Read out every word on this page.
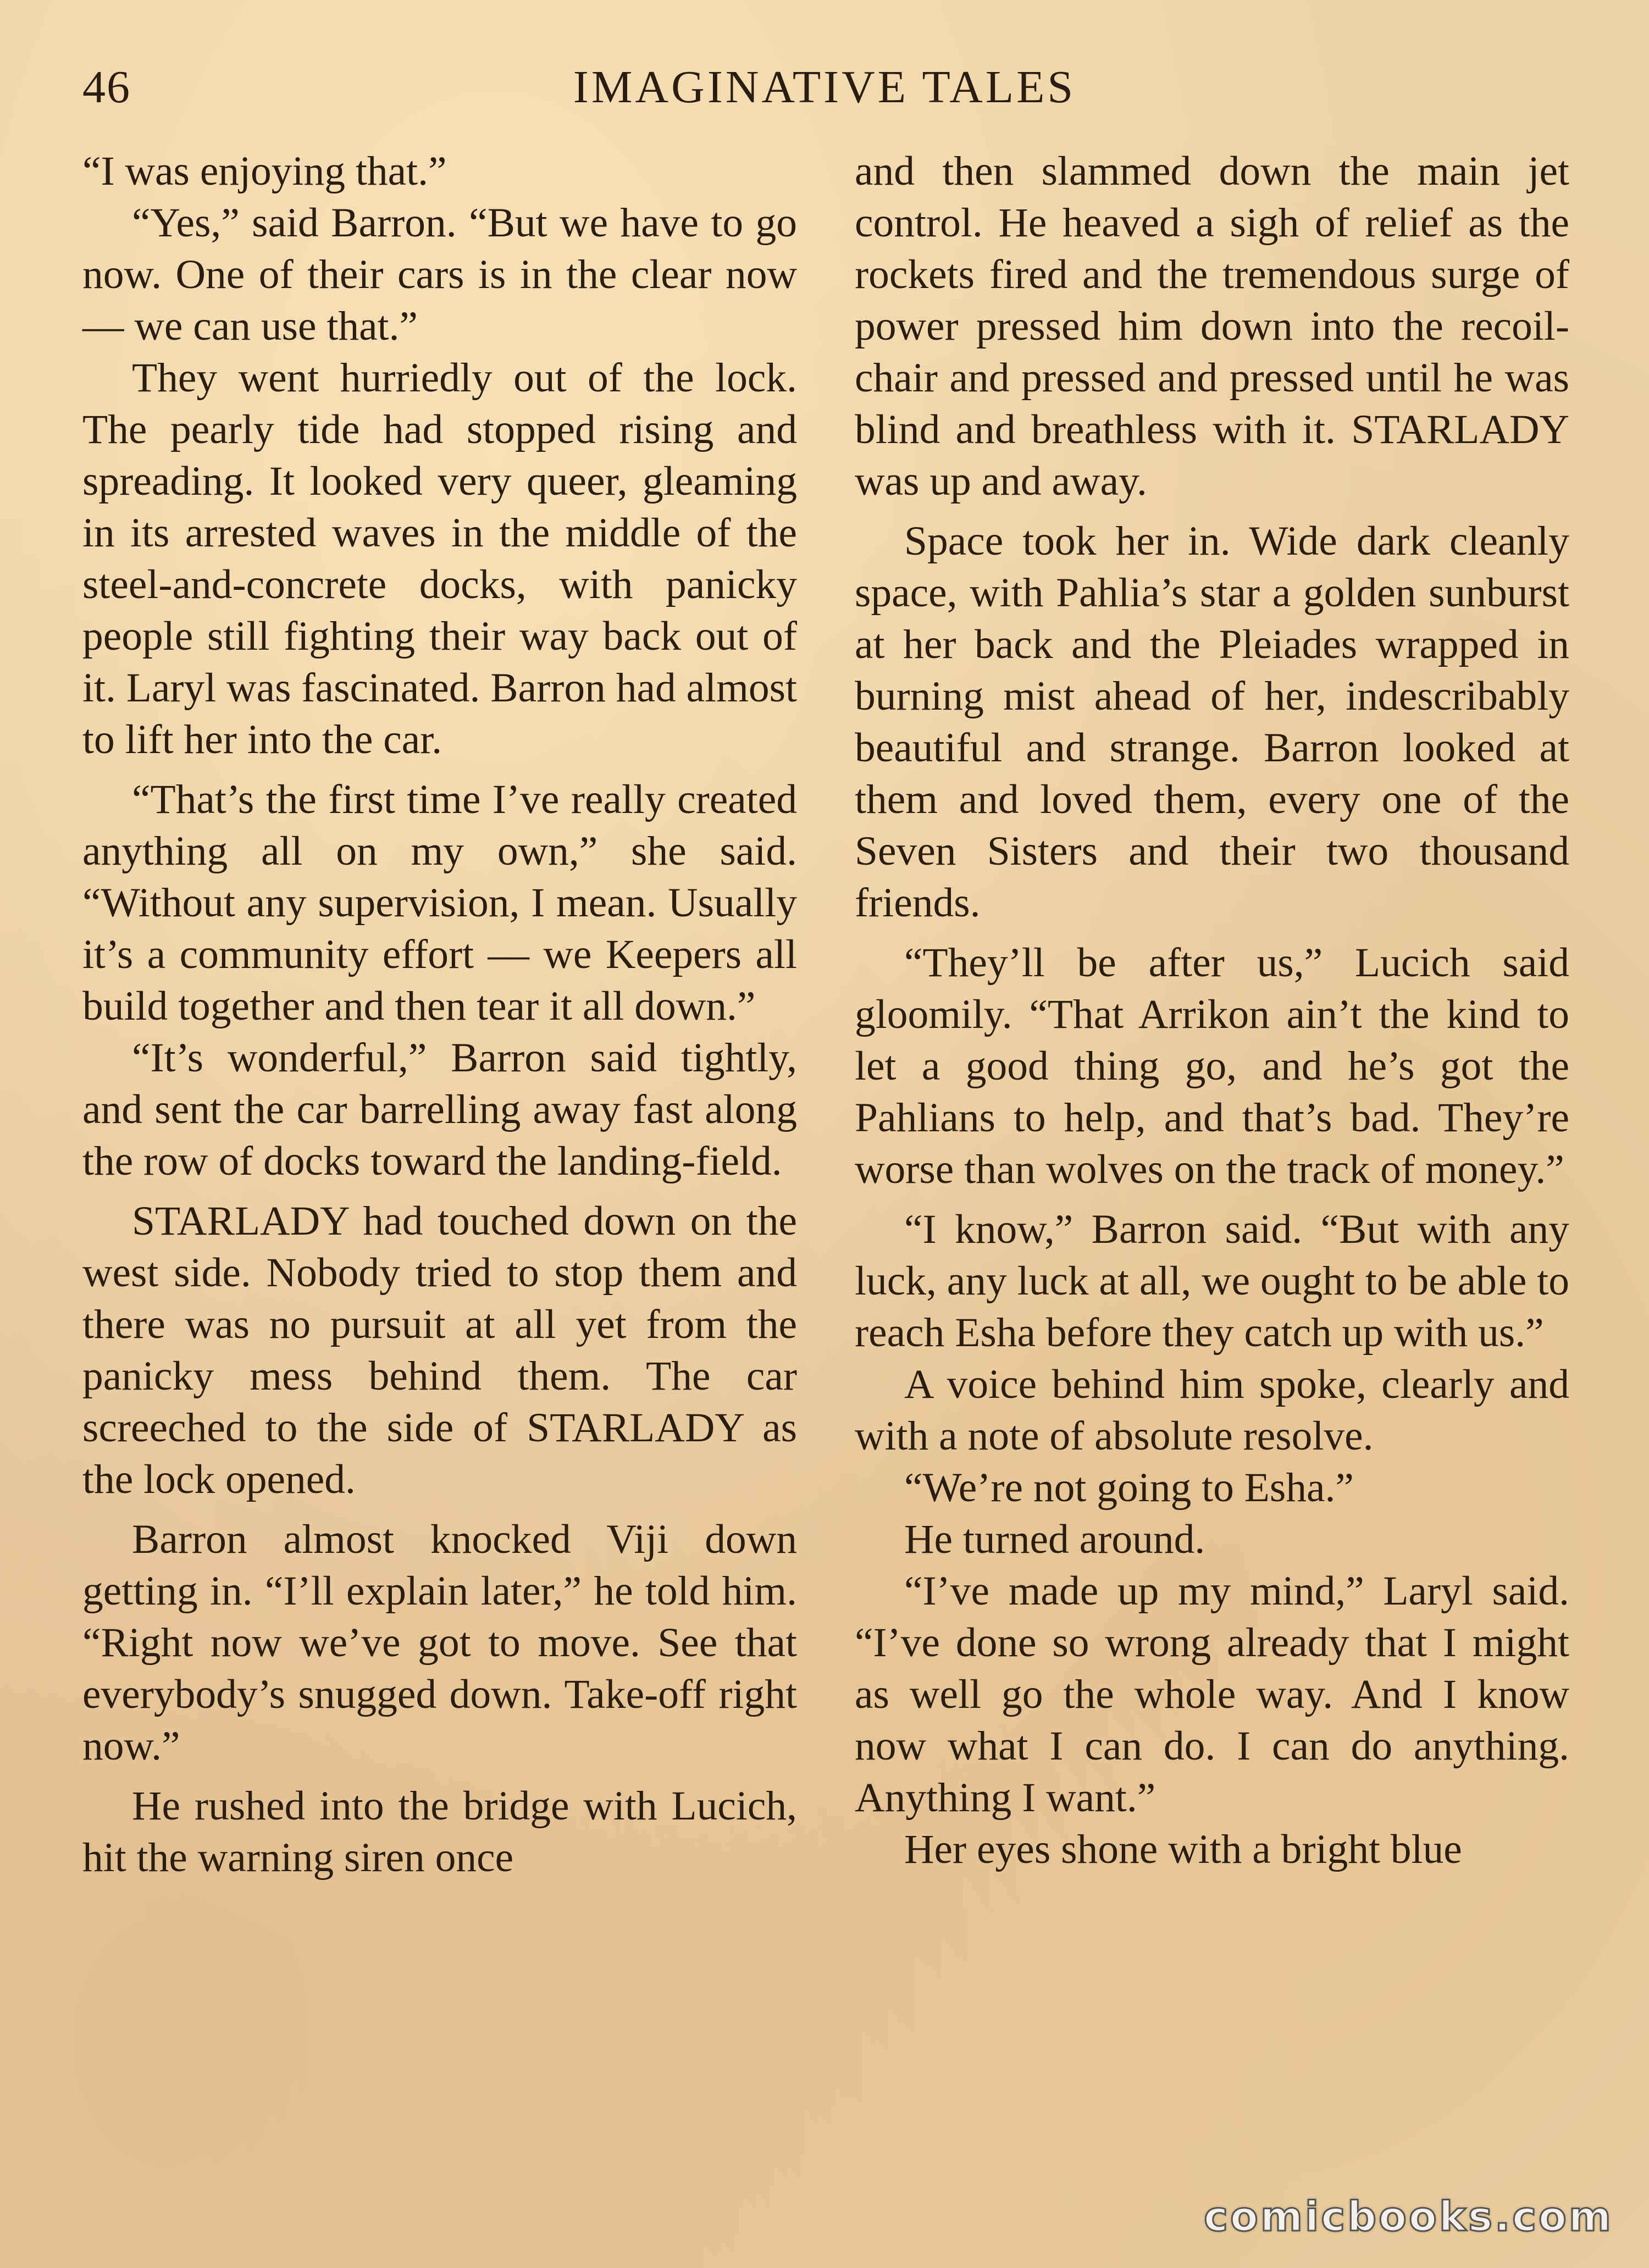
46	IMAGINATIVE TALES

“I was enjoying that.”

“Yes,” said Barron. “But we have to go now. One of their cars is in the clear now — we can use that.”

They went hurriedly out of the lock. The pearly tide had stopped rising and spreading. It looked very queer, gleaming in its arrested waves in the middle of the steel-and-concrete docks, with panicky people still fighting their way back out of it. Laryl was fascinated. Barron had almost to lift her into the car.

“That’s the first time I’ve really created anything all on my own,” she said. “Without any supervision, I mean. Usually it’s a community effort — we Keepers all build together and then tear it all down.”

“It’s wonderful,” Barron said tightly, and sent the car barrelling away fast along the row of docks toward the landing-field.

STARLADY had touched down on the west side. Nobody tried to stop them and there was no pursuit at all yet from the panicky mess behind them. The car screeched to the side of STARLADY as the lock opened.

Barron almost knocked Viji down getting in. “I’ll explain later,” he told him. “Right now we’ve got to move. See that everybody’s snugged down. Take-off right now.”

He rushed into the bridge with Lucich, hit the warning siren once

and then slammed down the main jet control. He heaved a sigh of relief as the rockets fired and the tremendous surge of power pressed him down into the recoil-chair and pressed and pressed until he was blind and breathless with it. STARLADY was up and away.

Space took her in. Wide dark cleanly space, with Pahlia’s star a golden sunburst at her back and the Pleiades wrapped in burning mist ahead of her, indescribably beautiful and strange. Barron looked at them and loved them, every one of the Seven Sisters and their two thousand friends.

“They’ll be after us,” Lucich said gloomily. “That Arrikon ain’t the kind to let a good thing go, and he’s got the Pahlians to help, and that’s bad. They’re worse than wolves on the track of money.”

“I know,” Barron said. “But with any luck, any luck at all, we ought to be able to reach Esha before they catch up with us.”

A voice behind him spoke, clearly and with a note of absolute resolve.

“We’re not going to Esha.”

He turned around.

“I’ve made up my mind,” Laryl said. “I’ve done so wrong already that I might as well go the whole way. And I know now what I can do. I can do anything. Anything I want.”

Her eyes shone with a bright blue

comicbooks.com
